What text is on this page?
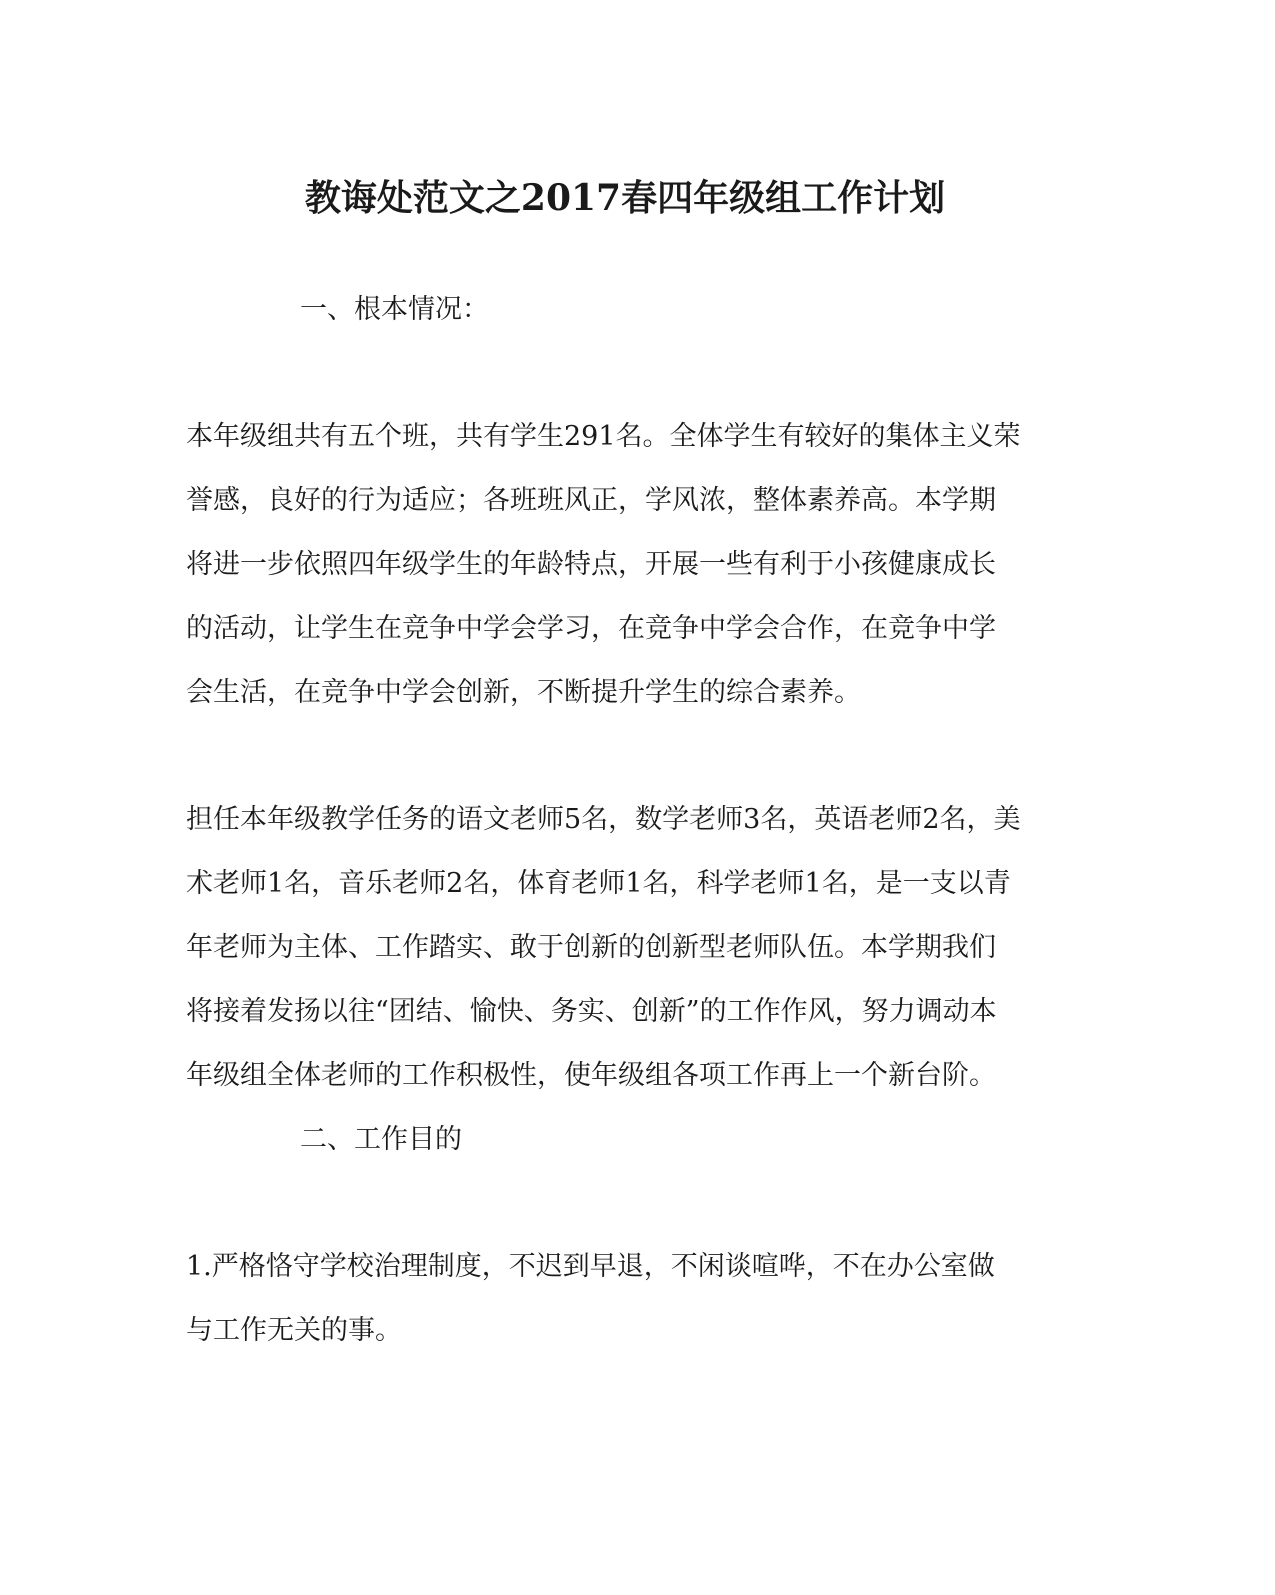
教诲处范文之2017春四年级组工作计划
一、根本情况：
本年级组共有五个班，共有学生291名。全体学生有较好的集体主义荣
誉感，良好的行为适应；各班班风正，学风浓，整体素养高。本学期
将进一步依照四年级学生的年龄特点，开展一些有利于小孩健康成长
的活动，让学生在竞争中学会学习，在竞争中学会合作，在竞争中学
会生活，在竞争中学会创新，不断提升学生的综合素养。
担任本年级教学任务的语文老师5名，数学老师3名，英语老师2名，美
术老师1名，音乐老师2名，体育老师1名，科学老师1名，是一支以青
年老师为主体、工作踏实、敢于创新的创新型老师队伍。本学期我们
将接着发扬以往“团结、愉快、务实、创新”的工作作风，努力调动本
年级组全体老师的工作积极性，使年级组各项工作再上一个新台阶。
二、工作目的
1.严格恪守学校治理制度，不迟到早退，不闲谈喧哗，不在办公室做
与工作无关的事。
